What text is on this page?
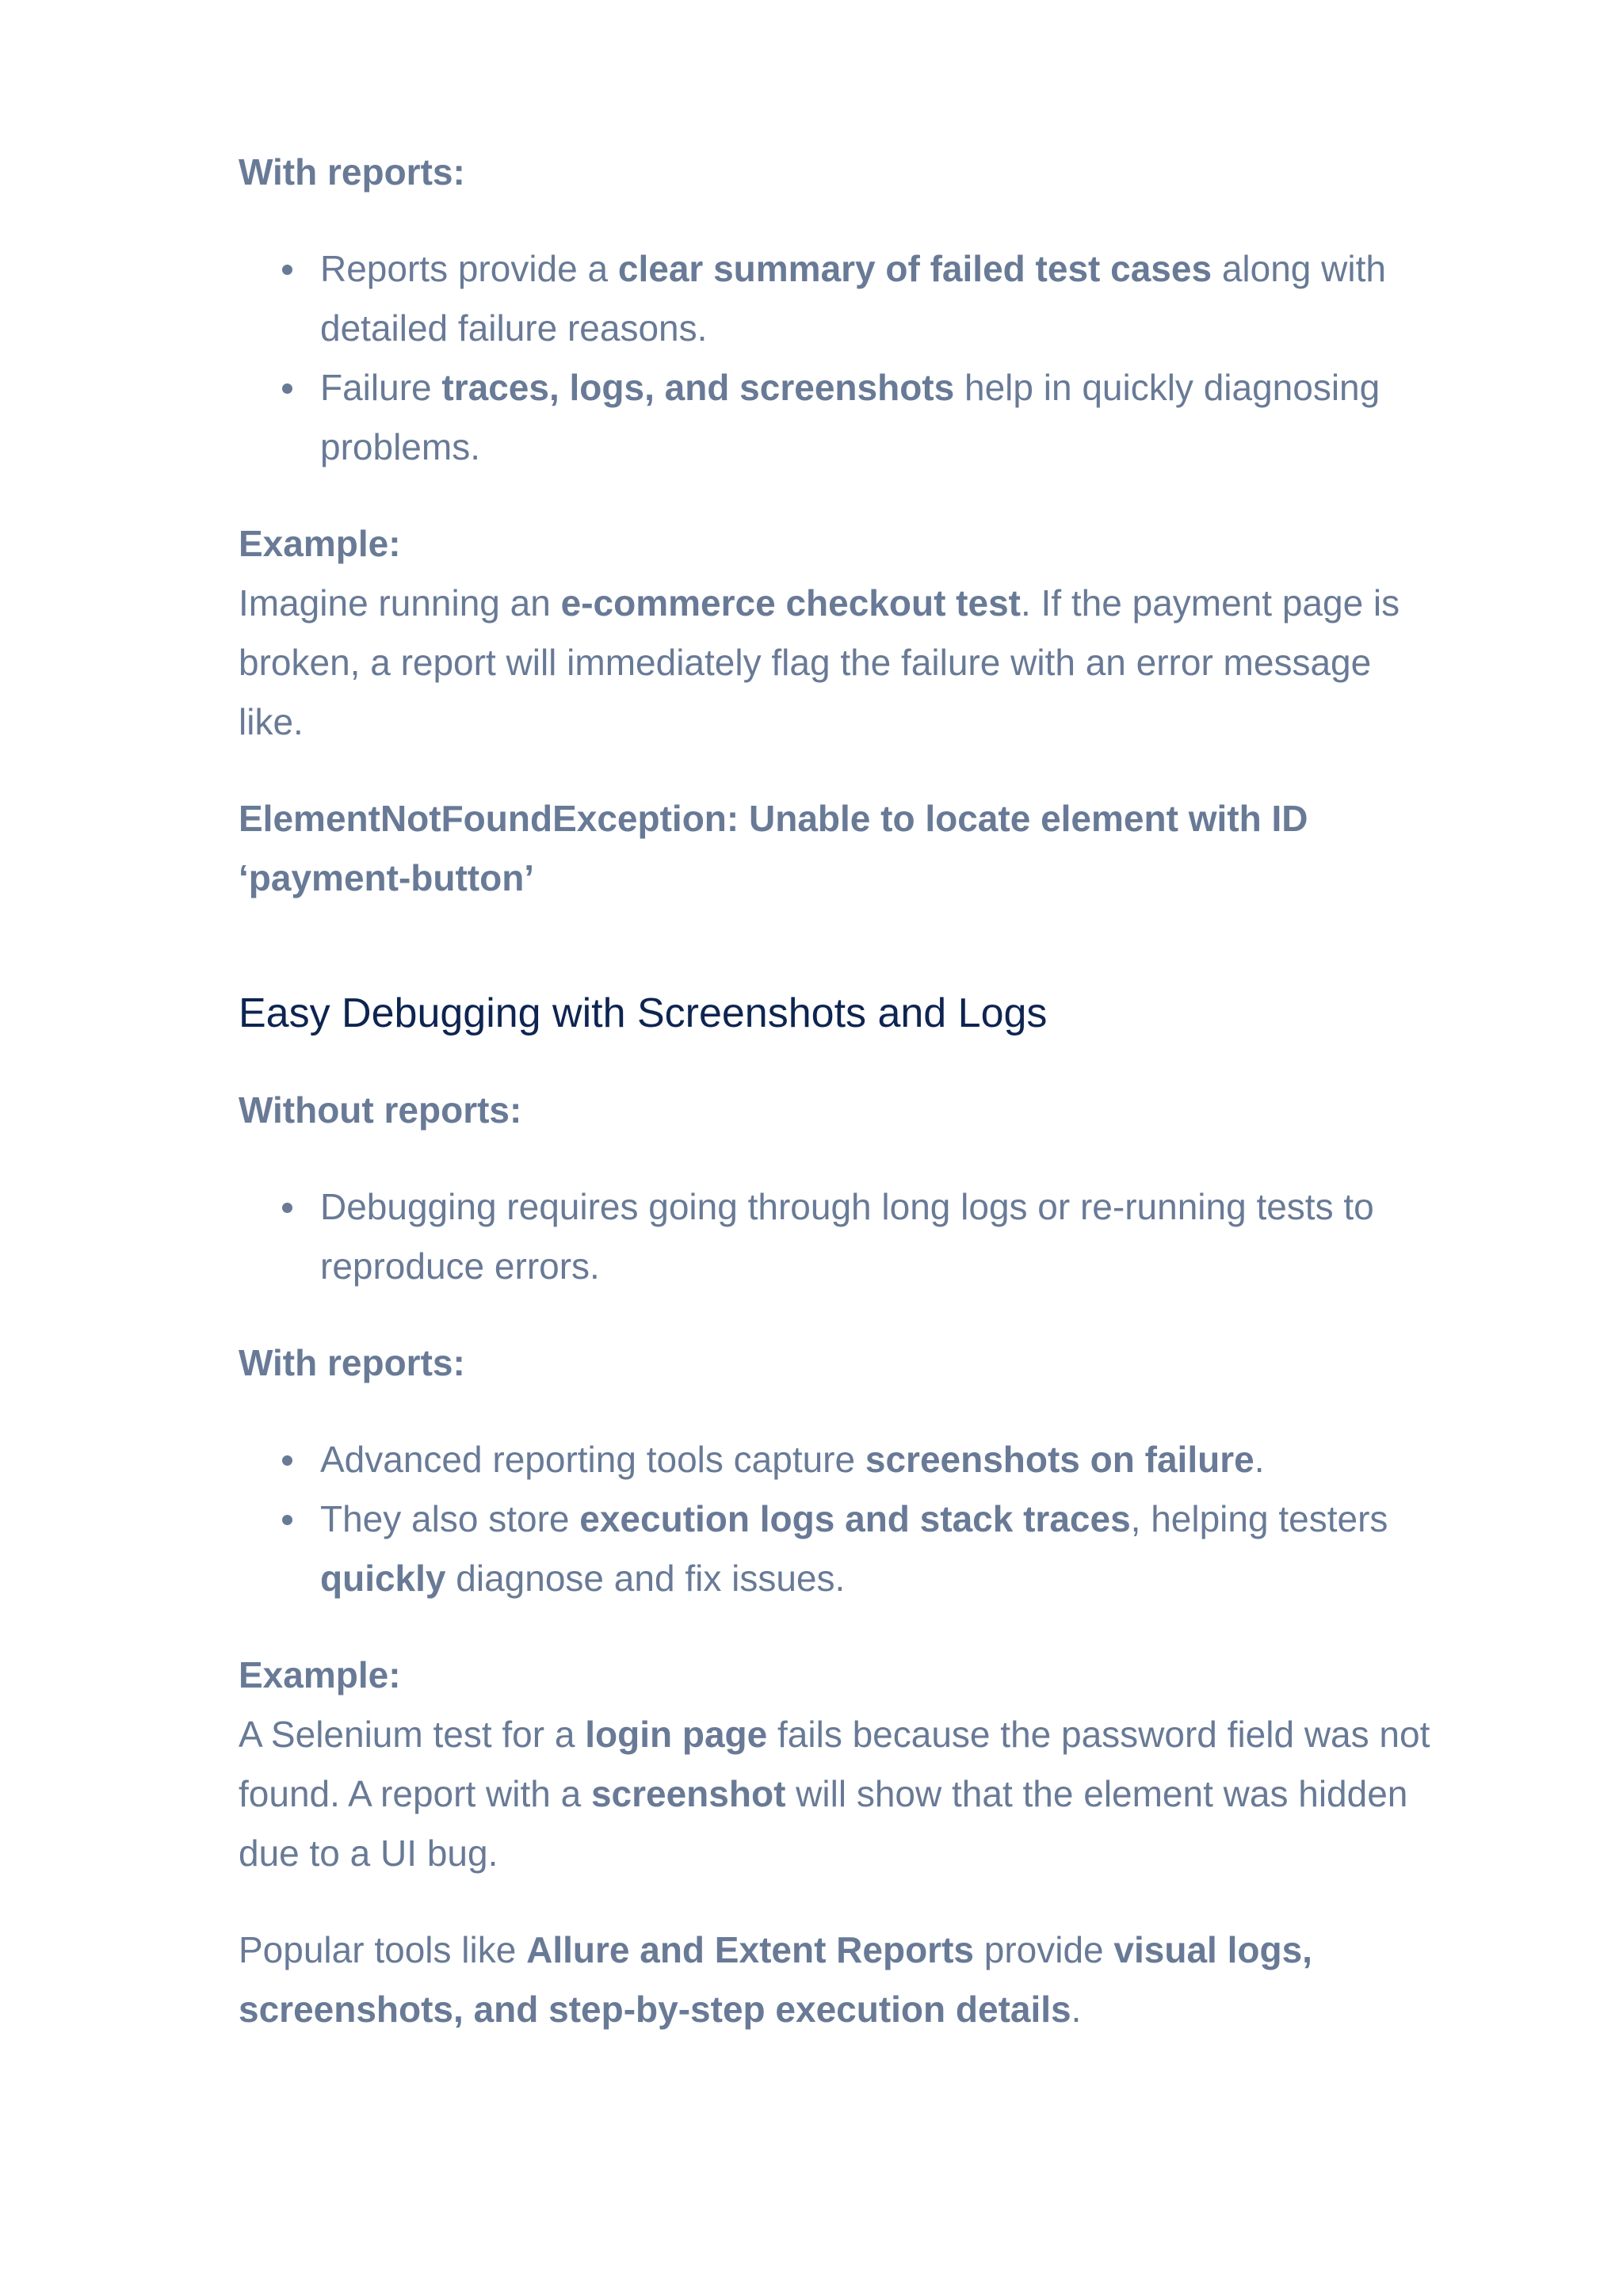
With reports:

Reports provide a clear summary of failed test cases along with detailed failure reasons.
Failure traces, logs, and screenshots help in quickly diagnosing problems.

Example:

Imagine running an e-commerce checkout test. If the payment page is broken, a report will immediately flag the failure with an error message like.

ElementNotFoundException: Unable to locate element with ID ‘payment-button’

Easy Debugging with Screenshots and Logs

Without reports:

Debugging requires going through long logs or re-running tests to reproduce errors.

With reports:

Advanced reporting tools capture screenshots on failure.
They also store execution logs and stack traces, helping testers quickly diagnose and fix issues.

Example:

A Selenium test for a login page fails because the password field was not found. A report with a screenshot will show that the element was hidden due to a UI bug.

Popular tools like Allure and Extent Reports provide visual logs, screenshots, and step-by-step execution details.
